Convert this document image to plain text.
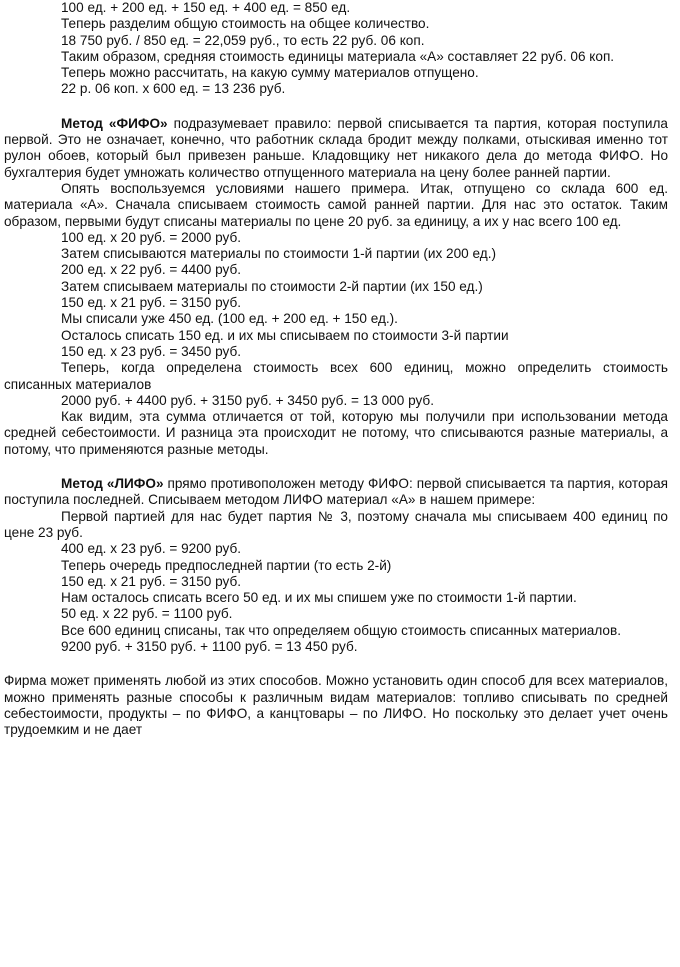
100 ед. + 200 ед. + 150 ед. + 400 ед. = 850 ед.

Теперь разделим общую стоимость на общее количество.

18 750 руб. / 850 ед. = 22,059 руб., то есть 22 руб. 06 коп.

Таким образом, средняя стоимость единицы материала «А» составляет 22 руб. 06 коп.

Теперь можно рассчитать, на какую сумму материалов отпущено.

22 р. 06 коп. х 600 ед. = 13 236 руб.

Метод «ФИФО» подразумевает правило: первой списывается та партия, которая поступила первой. Это не означает, конечно, что работник склада бродит между полками, отыскивая именно тот рулон обоев, который был привезен раньше. Кладовщику нет никакого дела до метода ФИФО. Но бухгалтерия будет умножать количество отпущенного материала на цену более ранней партии.

Опять воспользуемся условиями нашего примера. Итак, отпущено со склада 600 ед. материала «А». Сначала списываем стоимость самой ранней партии. Для нас это остаток. Таким образом, первыми будут списаны материалы по цене 20 руб. за единицу, а их у нас всего 100 ед.

100 ед. х 20 руб. = 2000 руб.

Затем списываются материалы по стоимости 1-й партии (их 200 ед.)

200 ед. х 22 руб. = 4400 руб.

Затем списываем материалы по стоимости 2-й партии (их 150 ед.)

150 ед. х 21 руб. = 3150 руб.

Мы списали уже 450 ед. (100 ед. + 200 ед. + 150 ед.).

Осталось списать 150 ед. и их мы списываем по стоимости 3-й партии

150 ед. х 23 руб. = 3450 руб.

Теперь, когда определена стоимость всех 600 единиц, можно определить стоимость списанных материалов

2000 руб. + 4400 руб. + 3150 руб. + 3450 руб. = 13 000 руб.

Как видим, эта сумма отличается от той, которую мы получили при использовании метода средней себестоимости. И разница эта происходит не потому, что списываются разные материалы, а потому, что применяются разные методы.

Метод «ЛИФО» прямо противоположен методу ФИФО: первой списывается та партия, которая поступила последней. Списываем методом ЛИФО материал «А» в нашем примере:

Первой партией для нас будет партия № 3, поэтому сначала мы списываем 400 единиц по цене 23 руб.

400 ед. х 23 руб. = 9200 руб.

Теперь очередь предпоследней партии (то есть 2-й)

150 ед. х 21 руб. = 3150 руб.

Нам осталось списать всего 50 ед. и их мы спишем уже по стоимости 1-й партии.

50 ед. х 22 руб. = 1100 руб.

Все 600 единиц списаны, так что определяем общую стоимость списанных материалов.

9200 руб. + 3150 руб. + 1100 руб. = 13 450 руб.

Фирма может применять любой из этих способов. Можно установить один способ для всех материалов, можно применять разные способы к различным видам материалов: топливо списывать по средней себестоимости, продукты – по ФИФО, а канцтовары – по ЛИФО. Но поскольку это делает учет очень трудоемким и не дает
